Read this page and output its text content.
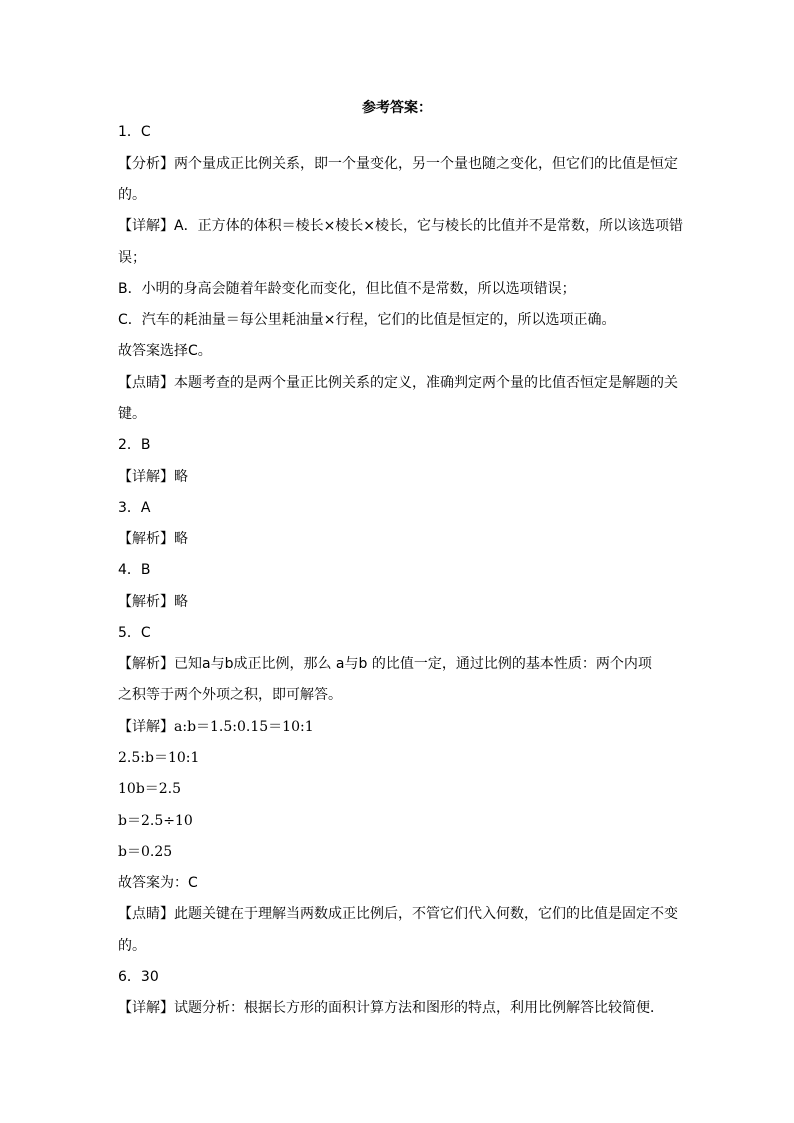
参考答案：
1．C
【分析】两个量成正比例关系，即一个量变化，另一个量也随之变化，但它们的比值是恒定
的。
【详解】A．正方体的体积＝棱长×棱长×棱长，它与棱长的比值并不是常数，所以该选项错
误；
B．小明的身高会随着年龄变化而变化，但比值不是常数，所以选项错误；
C．汽车的耗油量＝每公里耗油量×行程，它们的比值是恒定的，所以选项正确。
故答案选择C。
【点睛】本题考查的是两个量正比例关系的定义，准确判定两个量的比值否恒定是解题的关
键。
2．B
【详解】略
3．A
【解析】略
4．B
【解析】略
5．C
【解析】已知a与b成正比例，那么 a与b 的比值一定，通过比例的基本性质：两个内项
之积等于两个外项之积，即可解答。
【详解】a:b＝1.5:0.15＝10:1
2.5:b＝10:1
10b＝2.5
b＝2.5÷10
b＝0.25
故答案为：C
【点睛】此题关键在于理解当两数成正比例后，不管它们代入何数，它们的比值是固定不变
的。
6．30
【详解】试题分析：根据长方形的面积计算方法和图形的特点，利用比例解答比较简便．
